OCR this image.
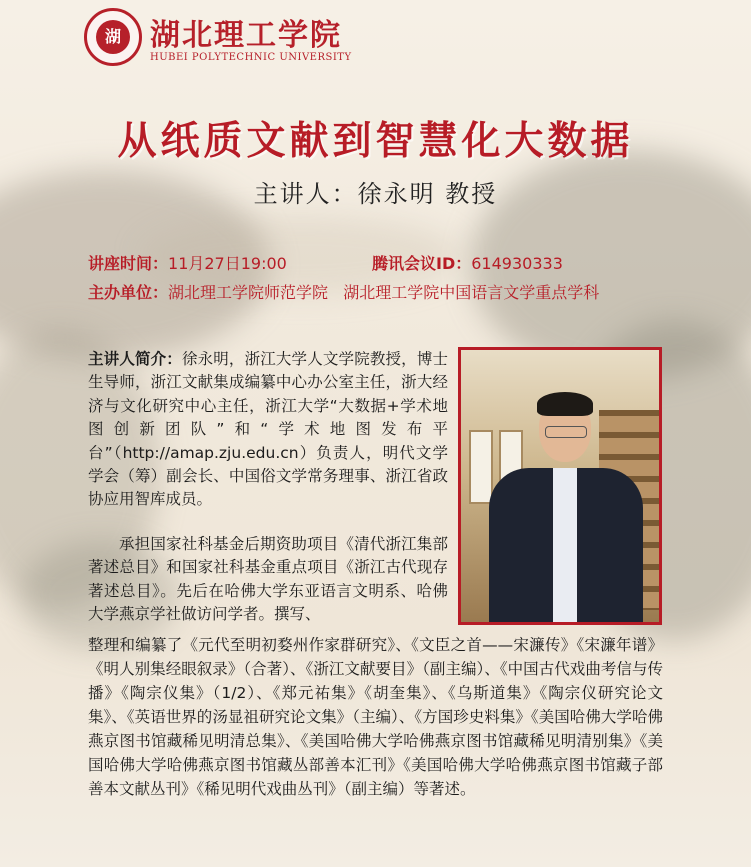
湖 湖北理工学院
HUBEI POLYTECHNIC UNIVERSITY
从纸质文献到智慧化大数据
主讲人：徐永明 教授
讲座时间：11月27日19:00	腾讯会议ID：614930333
主办单位：湖北理工学院师范学院   湖北理工学院中国语言文学重点学科
主讲人简介：徐永明，浙江大学人文学院教授，博士生导师，浙江文献集成编纂中心办公室主任，浙大经济与文化研究中心主任，浙江大学“大数据+学术地图创新团队”和“学术地图发布平台”（http://amap.zju.edu.cn）负责人，明代文学学会（筹）副会长、中国俗文学常务理事、浙江省政协应用智库成员。
承担国家社科基金后期资助项目《清代浙江集部著述总目》和国家社科基金重点项目《浙江古代现存著述总目》。先后在哈佛大学东亚语言文明系、哈佛大学燕京学社做访问学者。撰写、
整理和编纂了《元代至明初婺州作家群研究》、《文臣之首——宋濂传》《宋濂年谱》《明人别集经眼叙录》（合著）、《浙江文献要目》（副主编）、《中国古代戏曲考信与传播》《陶宗仪集》（1/2）、《郑元祐集》《胡奎集》、《乌斯道集》《陶宗仪研究论文集》、《英语世界的汤显祖研究论文集》（主编）、《方国珍史料集》《美国哈佛大学哈佛燕京图书馆藏稀见明清总集》、《美国哈佛大学哈佛燕京图书馆藏稀见明清别集》《美国哈佛大学哈佛燕京图书馆藏丛部善本汇刊》《美国哈佛大学哈佛燕京图书馆藏子部善本文献丛刊》《稀见明代戏曲丛刊》（副主编）等著述。
